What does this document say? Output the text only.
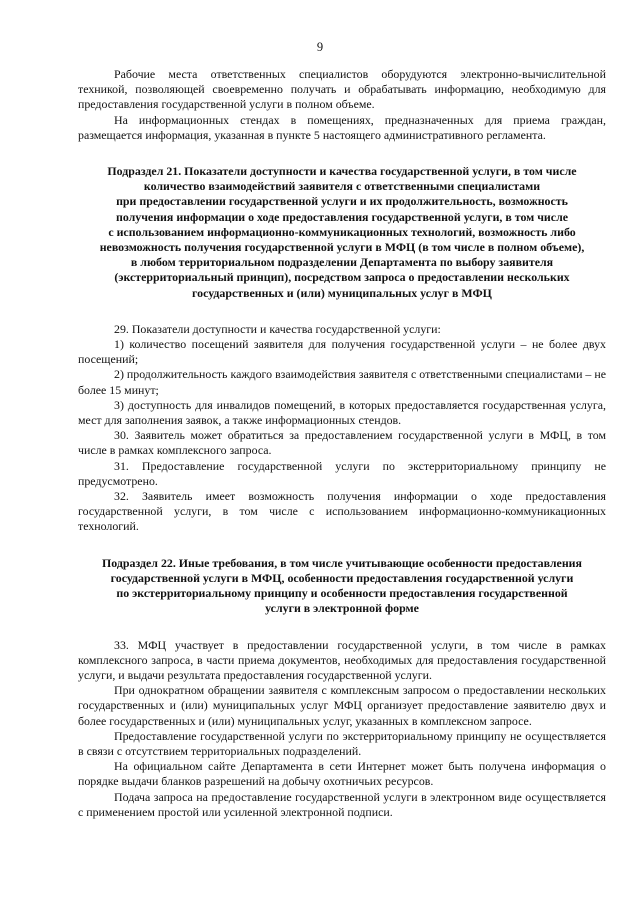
9

Рабочие места ответственных специалистов оборудуются электронно-вычислительной техникой, позволяющей своевременно получать и обрабатывать информацию, необходимую для предоставления государственной услуги в полном объеме.

На информационных стендах в помещениях, предназначенных для приема граждан, размещается информация, указанная в пункте 5 настоящего административного регламента.

Подраздел 21. Показатели доступности и качества государственной услуги, в том числе
количество взаимодействий заявителя с ответственными специалистами
при предоставлении государственной услуги и их продолжительность, возможность
получения информации о ходе предоставления государственной услуги, в том числе
с использованием информационно-коммуникационных технологий, возможность либо
невозможность получения государственной услуги в МФЦ (в том числе в полном объеме),
в любом территориальном подразделении Департамента по выбору заявителя
(экстерриториальный принцип), посредством запроса о предоставлении нескольких
государственных и (или) муниципальных услуг в МФЦ

29. Показатели доступности и качества государственной услуги:

1) количество посещений заявителя для получения государственной услуги – не более двух посещений;

2) продолжительность каждого взаимодействия заявителя с ответственными специалистами – не более 15 минут;

3) доступность для инвалидов помещений, в которых предоставляется государственная услуга, мест для заполнения заявок, а также информационных стендов.

30. Заявитель может обратиться за предоставлением государственной услуги в МФЦ, в том числе в рамках комплексного запроса.

31. Предоставление государственной услуги по экстерриториальному принципу не предусмотрено.

32. Заявитель имеет возможность получения информации о ходе предоставления государственной услуги, в том числе с использованием информационно-коммуникационных технологий.

Подраздел 22. Иные требования, в том числе учитывающие особенности предоставления
государственной услуги в МФЦ, особенности предоставления государственной услуги
по экстерриториальному принципу и особенности предоставления государственной
услуги в электронной форме

33. МФЦ участвует в предоставлении государственной услуги, в том числе в рамках комплексного запроса, в части приема документов, необходимых для предоставления государственной услуги, и выдачи результата предоставления государственной услуги.

При однократном обращении заявителя с комплексным запросом о предоставлении нескольких государственных и (или) муниципальных услуг МФЦ организует предоставление заявителю двух и более государственных и (или) муниципальных услуг, указанных в комплексном запросе.

Предоставление государственной услуги по экстерриториальному принципу не осуществляется в связи с отсутствием территориальных подразделений.

На официальном сайте Департамента в сети Интернет может быть получена информация о порядке выдачи бланков разрешений на добычу охотничьих ресурсов.

Подача запроса на предоставление государственной услуги в электронном виде осуществляется с применением простой или усиленной электронной подписи.
